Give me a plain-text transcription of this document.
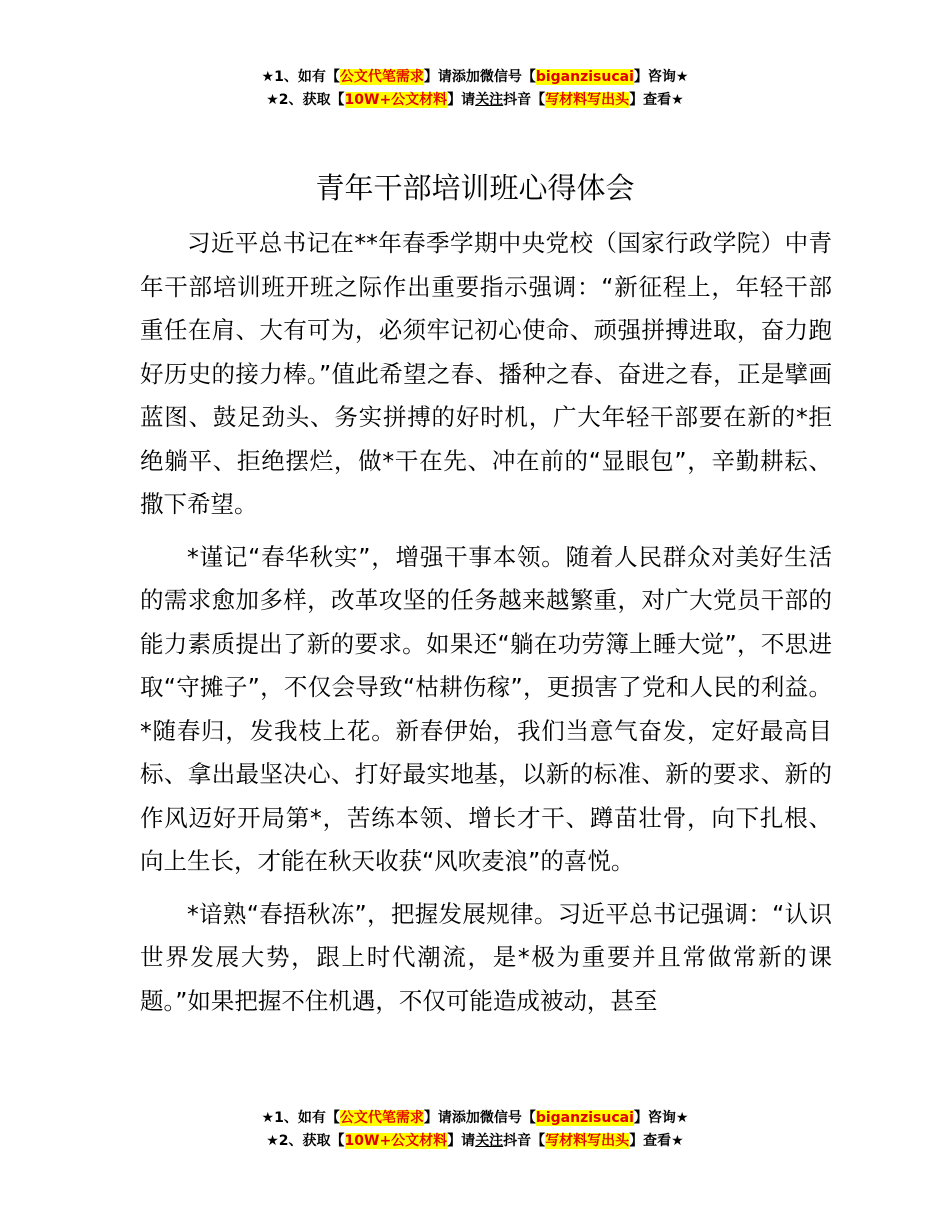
★1、如有【公文代笔需求】请添加微信号【biganzisucai】咨询★
★2、获取【10W+公文材料】请关注抖音【写材料写出头】查看★
青年干部培训班心得体会

习近平总书记在**年春季学期中央党校（国家行政学院）中青年干部培训班开班之际作出重要指示强调：“新征程上，年轻干部重任在肩、大有可为，必须牢记初心使命、顽强拼搏进取，奋力跑好历史的接力棒。”值此希望之春、播种之春、奋进之春，正是擘画蓝图、鼓足劲头、务实拼搏的好时机，广大年轻干部要在新的*拒绝躺平、拒绝摆烂，做*干在先、冲在前的“显眼包”，辛勤耕耘、撒下希望。

*谨记“春华秋实”，增强干事本领。随着人民群众对美好生活的需求愈加多样，改革攻坚的任务越来越繁重，对广大党员干部的能力素质提出了新的要求。如果还“躺在功劳簿上睡大觉”，不思进取“守摊子”，不仅会导致“枯耕伤稼”，更损害了党和人民的利益。*随春归，发我枝上花。新春伊始，我们当意气奋发，定好最高目标、拿出最坚决心、打好最实地基，以新的标准、新的要求、新的作风迈好开局第*，苦练本领、增长才干、蹲苗壮骨，向下扎根、向上生长，才能在秋天收获“风吹麦浪”的喜悦。

*谙熟“春捂秋冻”，把握发展规律。习近平总书记强调：“认识世界发展大势，跟上时代潮流，是*极为重要并且常做常新的课题。”如果把握不住机遇，不仅可能造成被动，甚至

★1、如有【公文代笔需求】请添加微信号【biganzisucai】咨询★
★2、获取【10W+公文材料】请关注抖音【写材料写出头】查看★
